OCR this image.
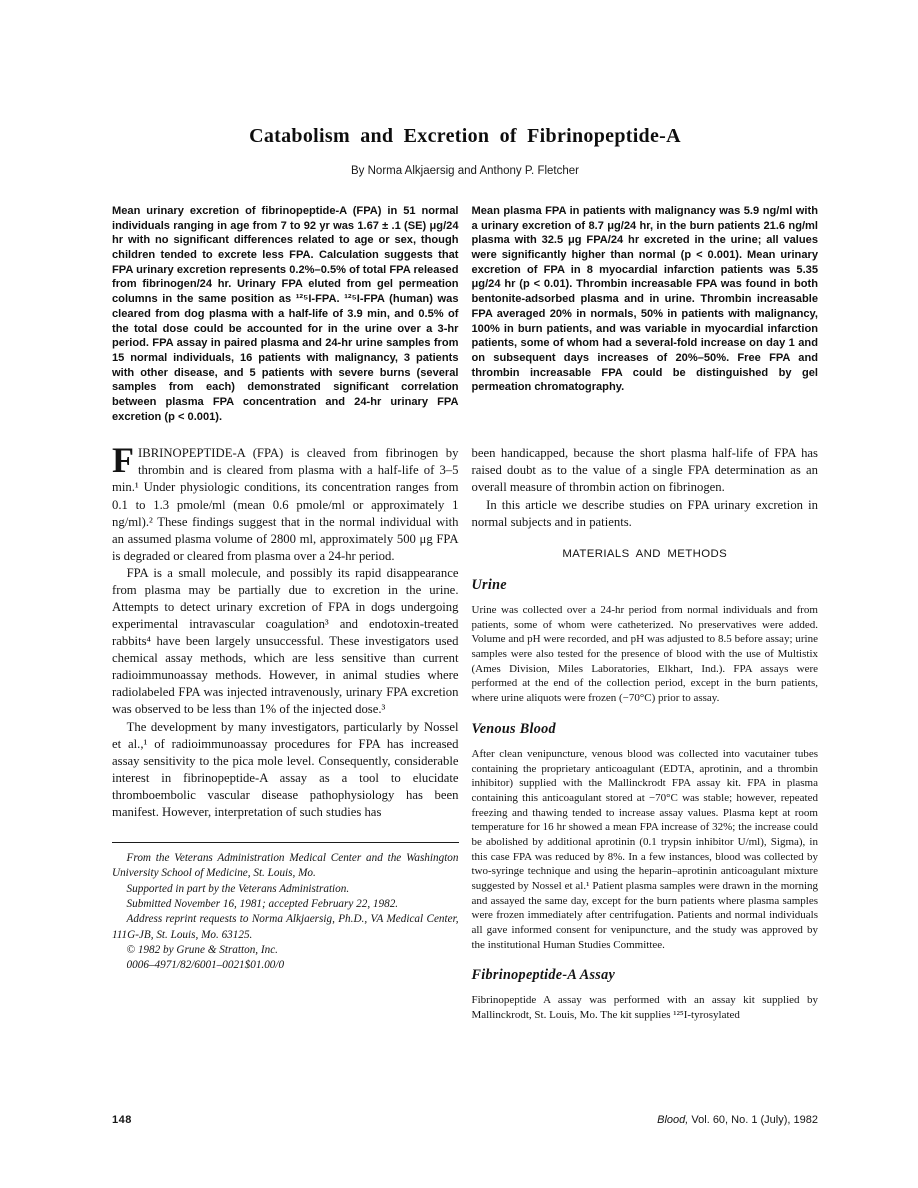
Catabolism and Excretion of Fibrinopeptide-A
By Norma Alkjaersig and Anthony P. Fletcher

Mean urinary excretion of fibrinopeptide-A (FPA) in 51 normal individuals ranging in age from 7 to 92 yr was 1.67 ± .1 (SE) μg/24 hr with no significant differences related to age or sex, though children tended to excrete less FPA. Calculation suggests that FPA urinary excretion represents 0.2%–0.5% of total FPA released from fibrinogen/24 hr. Urinary FPA eluted from gel permeation columns in the same position as ¹²⁵I-FPA. ¹²⁵I-FPA (human) was cleared from dog plasma with a half-life of 3.9 min, and 0.5% of the total dose could be accounted for in the urine over a 3-hr period. FPA assay in paired plasma and 24-hr urine samples from 15 normal individuals, 16 patients with malignancy, 3 patients with other disease, and 5 patients with severe burns (several samples from each) demonstrated significant correlation between plasma FPA concentration and 24-hr urinary FPA excretion (p < 0.001).

Mean plasma FPA in patients with malignancy was 5.9 ng/ml with a urinary excretion of 8.7 μg/24 hr, in the burn patients 21.6 ng/ml plasma with 32.5 μg FPA/24 hr excreted in the urine; all values were significantly higher than normal (p < 0.001). Mean urinary excretion of FPA in 8 myocardial infarction patients was 5.35 μg/24 hr (p < 0.01). Thrombin increasable FPA was found in both bentonite-adsorbed plasma and in urine. Thrombin increasable FPA averaged 20% in normals, 50% in patients with malignancy, 100% in burn patients, and was variable in myocardial infarction patients, some of whom had a several-fold increase on day 1 and on subsequent days increases of 20%–50%. Free FPA and thrombin increasable FPA could be distinguished by gel permeation chromatography.

FIBRINOPEPTIDE-A (FPA) is cleaved from fibrinogen by thrombin and is cleared from plasma with a half-life of 3–5 min.¹ Under physiologic conditions, its concentration ranges from 0.1 to 1.3 pmole/ml (mean 0.6 pmole/ml or approximately 1 ng/ml).² These findings suggest that in the normal individual with an assumed plasma volume of 2800 ml, approximately 500 μg FPA is degraded or cleared from plasma over a 24-hr period.

FPA is a small molecule, and possibly its rapid disappearance from plasma may be partially due to excretion in the urine. Attempts to detect urinary excretion of FPA in dogs undergoing experimental intravascular coagulation³ and endotoxin-treated rabbits⁴ have been largely unsuccessful. These investigators used chemical assay methods, which are less sensitive than current radioimmunoassay methods. However, in animal studies where radiolabeled FPA was injected intravenously, urinary FPA excretion was observed to be less than 1% of the injected dose.³

The development by many investigators, particularly by Nossel et al.,¹ of radioimmunoassay procedures for FPA has increased assay sensitivity to the pica mole level. Consequently, considerable interest in fibrinopeptide-A assay as a tool to elucidate thromboembolic vascular disease pathophysiology has been manifest. However, interpretation of such studies has

From the Veterans Administration Medical Center and the Washington University School of Medicine, St. Louis, Mo.

Supported in part by the Veterans Administration.

Submitted November 16, 1981; accepted February 22, 1982.

Address reprint requests to Norma Alkjaersig, Ph.D., VA Medical Center, 111G-JB, St. Louis, Mo. 63125.

© 1982 by Grune & Stratton, Inc.

0006–4971/82/6001–0021$01.00/0

been handicapped, because the short plasma half-life of FPA has raised doubt as to the value of a single FPA determination as an overall measure of thrombin action on fibrinogen.

In this article we describe studies on FPA urinary excretion in normal subjects and in patients.

MATERIALS AND METHODS
Urine

Urine was collected over a 24-hr period from normal individuals and from patients, some of whom were catheterized. No preservatives were added. Volume and pH were recorded, and pH was adjusted to 8.5 before assay; urine samples were also tested for the presence of blood with the use of Multistix (Ames Division, Miles Laboratories, Elkhart, Ind.). FPA assays were performed at the end of the collection period, except in the burn patients, where urine aliquots were frozen (−70°C) prior to assay.

Venous Blood

After clean venipuncture, venous blood was collected into vacutainer tubes containing the proprietary anticoagulant (EDTA, aprotinin, and a thrombin inhibitor) supplied with the Mallinckrodt FPA assay kit. FPA in plasma containing this anticoagulant stored at −70°C was stable; however, repeated freezing and thawing tended to increase assay values. Plasma kept at room temperature for 16 hr showed a mean FPA increase of 32%; the increase could be abolished by additional aprotinin (0.1 trypsin inhibitor U/ml), Sigma), in this case FPA was reduced by 8%. In a few instances, blood was collected by two-syringe technique and using the heparin–aprotinin anticoagulant mixture suggested by Nossel et al.¹ Patient plasma samples were drawn in the morning and assayed the same day, except for the burn patients where plasma samples were frozen immediately after centrifugation. Patients and normal individuals all gave informed consent for venipuncture, and the study was approved by the institutional Human Studies Committee.

Fibrinopeptide-A Assay

Fibrinopeptide A assay was performed with an assay kit supplied by Mallinckrodt, St. Louis, Mo. The kit supplies ¹²⁵I-tyrosylated

148	Blood, Vol. 60, No. 1 (July), 1982
